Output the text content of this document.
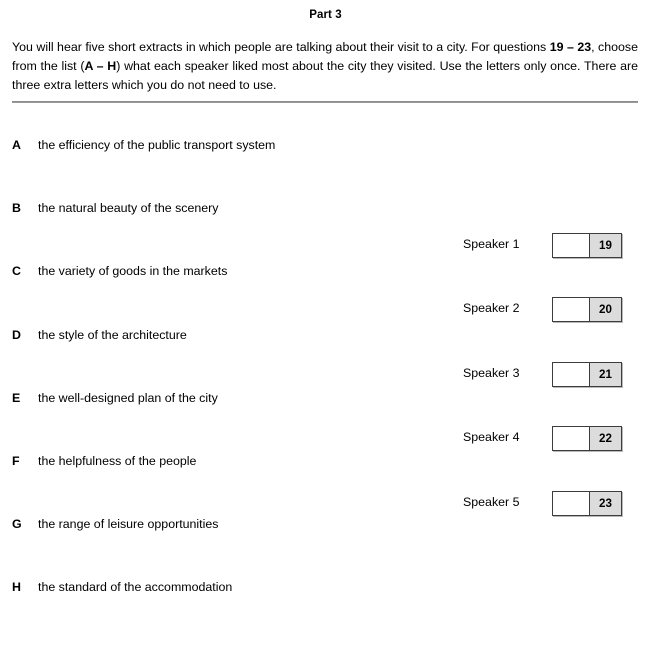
Part 3
You will hear five short extracts in which people are talking about their visit to a city. For questions 19 – 23, choose from the list (A – H) what each speaker liked most about the city they visited. Use the letters only once. There are three extra letters which you do not need to use.
A the efficiency of the public transport system
B the natural beauty of the scenery
C the variety of goods in the markets
D the style of the architecture
E the well-designed plan of the city
F the helpfulness of the people
G the range of leisure opportunities
H the standard of the accommodation
Speaker 1	19
Speaker 2	20
Speaker 3	21
Speaker 4	22
Speaker 5	23
